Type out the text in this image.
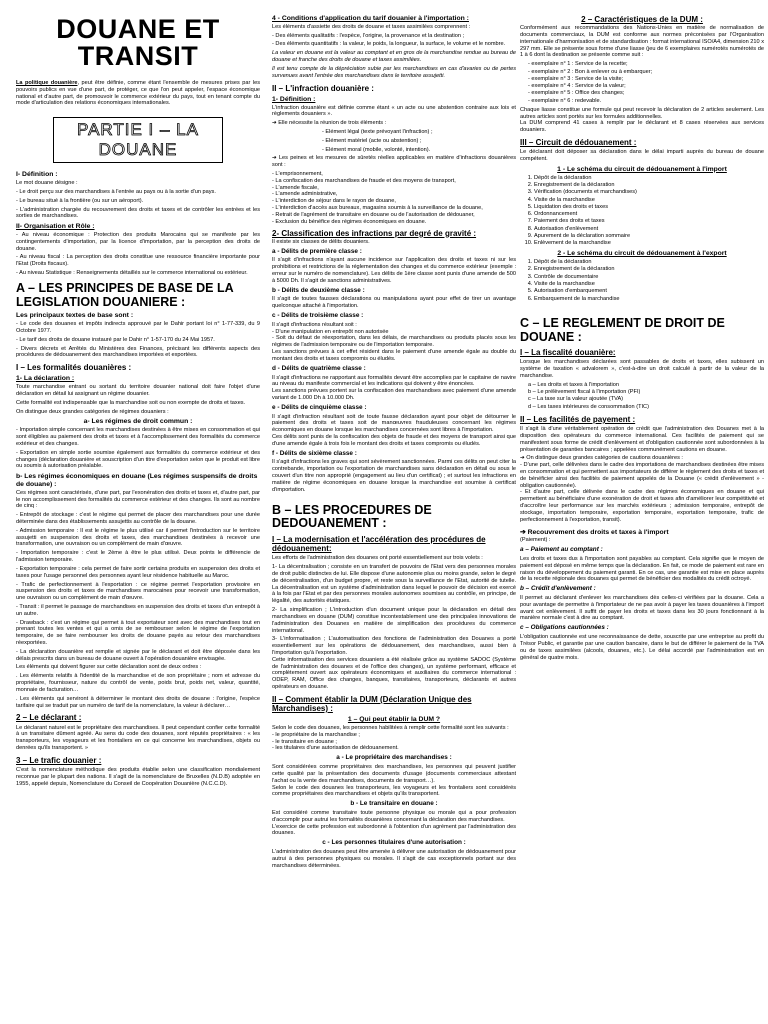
DOUANE ET
TRANSIT

La politique douanière, peut être définie, comme étant l'ensemble de mesures prises par les pouvoirs publics en vue d'une part, de protéger, ce que l'on peut appeler, l'espace économique national et d'autre part, de promouvoir le commerce extérieur du pays, tout en tenant compte du mode d'articulation des relations économiques internationales.

PARTIE I – LA DOUANE
I- Définition :

Le mot douane désigne :

- Le droit perçu sur des marchandises à l'entrée au pays ou à la sortie d'un pays.

- Le bureau situé à la frontière (ou sur un aéroport).

- L'administration chargée du recouvrement des droits et taxes et de contrôler les entrées et les sorties de marchandises.

II- Organisation et Rôle :

- Au niveau économique : Protection des produits Marocains qui se manifeste par les contingentements d'importation, par la licence d'importation, par la perception des droits de douane.

- Au niveau fiscal : La perception des droits constitue une ressource financière importante pour l'Etat (Droits fiscaux).

- Au niveau Statistique : Renseignements détaillés sur le commerce international ou extérieur.

A – LES PRINCIPES DE BASE DE LA LEGISLATION DOUANIERE :
Les principaux textes de base sont :

- Le code des douanes et impôts indirects approuvé par le Dahir portant loi n° 1-77-339, du 9 Octobre 1977.

- Le tarif des droits de douane instauré par le Dahir n° 1-57-170 du 24 Mai 1957.

- Divers décrets et Arrêtés du Ministères des Finances, précisant les différents aspects des procédures de dédouanement des marchandises importées et exportées.

I – Les formalités douanières :
1- La déclaration :

Toute marchandise entrant ou sortant du territoire douanier national doit faire l'objet d'une déclaration en détail lui assignant un régime douanier.

Cette formalité est indispensable que la marchandise soit ou non exempte de droits et taxes.

On distingue deux grandes catégories de régimes douaniers :

a- Les régimes de droit commun :

- Importation simple concernant les marchandises destinées à être mises en consommation et qui sont éligibles au paiement des droits et taxes et à l'accomplissement des formalités du commerce extérieur et des changes.

- Exportation en simple sortie soumise également aux formalités du commerce extérieur et des changes (déclaration douanière et souscription d'un titre d'exportation selon que le produit est libre ou soumis à autorisation préalable.

b- Les régimes économiques en douane (Les régimes suspensifs de droits de douane) :

Ces régimes sont caractérisés, d'une part, par l'exonération des droits et taxes et, d'autre part, par le non accomplissement des formalités du commerce extérieur et des changes. Ils sont au nombre de cinq :

- Entrepôt de stockage : c'est le régime qui permet de placer des marchandises pour une durée déterminée dans des établissements assujettis au contrôle de la douane.

- Admission temporaire : Il est le régime le plus utilisé car il permet l'introduction sur le territoire assujetti en suspension des droits et taxes, des marchandises destinées à recevoir une transformation, une ouvraison ou un complément de main d'œuvre.

- Importation temporaire : c'est le 2ème à être le plus utilisé. Deux points le différencie de l'admission temporaire.

- Exportation temporaire : cela permet de faire sortir certains produits en suspension des droits et taxes pour l'usage personnel des personnes ayant leur résidence habituelle au Maroc.

- Trafic de perfectionnement à l'exportation : ce régime permet l'exportation provisoire en suspension des droits et taxes de marchandises marocaines pour recevoir une transformation, une ouvraison ou un complément de main d'œuvre.

- Transit : il permet le passage de marchandises en suspension des droits et taxes d'un entrepôt à un autre.

- Drawback : c'est un régime qui permet à tout exportateur sont avec des marchandises tout en prenant toutes les ventes et qui a omis de se rembourser selon le régime de l'exportation temporaire, de se faire rembourser les droits de douane payés au retour des marchandises réexportées.

- La déclaration douanière est remplie et signée par le déclarant et doit être déposée dans les délais prescrits dans un bureau de douane ouvert à l'opération douanière envisagée.

Les éléments qui doivent figurer sur cette déclaration sont de deux ordres :

. Les éléments relatifs à l'identité de la marchandise et de son propriétaire ; nom et adresse du propriétaire, fournisseur, nature du contrôl de vente, poids brut, poids net, valeur, quantité, monnaie de facturation…

. Les éléments qui serviront à déterminer le montant des droits de douane : l'origine, l'espèce tarifaire qui se traduit par un numéro de tarif de la nomenclature, la valeur à déclarer…

2 – Le déclarant :

Le déclarant naturel est le propriétaire des marchandises. Il peut cependant confier cette formalité à un transitaire dûment agréé. Au sens du code des douanes, sont réputés propriétaires : « les transporteurs, les voyageurs et les frontaliers en ce qui concerne les marchandises, objets ou denrées qu'ils transportent. »

3 – Le trafic douanier :

C'est la nomenclature méthodique des produits établie selon une classification mondialement reconnue par le plupart des nations. Il s'agit de la nomenclature de Bruxelles (N.D.B) adoptée en 1955, appelé depuis, Nomenclature du Conseil de Coopération Douanière (N.C.C.D).

4 - Conditions d'application du tarif douanier à l'importation :

Les éléments d'assiette des droits de douane et taxes assimilées comprennent :

- Des éléments qualitatifs : l'espèce, l'origine, la provenance et la destination ;

- Des éléments quantitatifs : la valeur, le poids, la longueur, la surface, le volume et le nombre.

La valeur en douane est la valeur au comptant et en gros de la marchandise rendue au bureau de douane et franche des droits de douane et taxes assimilées.

Il est tenu compte de la dépréciation subie par les marchandises en cas d'avaries ou de pertes survenues avant l'entrée des marchandises dans le territoire assujetti.

II – L'infraction douanière :
1- Définition :

L'infraction douanière est définie comme étant « un acte ou une abstention contraire aux lois et règlements douaniers ».

➔ Elle nécessite la réunion de trois éléments :

- Elément légal (texte prévoyant l'infraction) ;

- Elément matériel (acte ou abstention) ;

- Elément moral (mobile, volonté, intention).

➔ Les peines et les mesures de sûretés réelles applicables en matière d'infractions douanières sont :

- L'emprisonnement,
- La confiscation des marchandises de fraude et des moyens de transport,
- L'amende fiscale,
- L'amende administrative,
- L'interdiction de séjour dans le rayon de douane,
- L'interdiction d'accès aux bureaux, magasins soumis à la surveillance de la douane,
- Retrait de l'agrément de transitaire en douane ou de l'autorisation de dédouaner,
- Exclusion du bénéfice des régimes économiques en douane.

2- Classification des infractions par degré de gravité :

Il existe six classes de délits douaniers.

a - Délits de première classe :

Il s'agit d'infractions n'ayant aucune incidence sur l'application des droits et taxes ni sur les prohibitions et restrictions de la réglementation des changes et du commerce extérieur (exemple : erreur sur le numéro de nomenclature). Les délits de 1ère classe sont punis d'une amende de 500 à 5000 Dh. Il s'agit de sanctions administratives.

b - Délits de deuxième classe :

Il s'agit de toutes fausses déclarations ou manipulations ayant pour effet de tirer un avantage quelconque attaché à l'importation.

c - Délits de troisième classe :

Il s'agit d'infractions résultant soit :
- D'une manipulation en entrepôt non autorisée
- Soit du défaut de réexportation, dans les délais, de marchandises ou produits placés sous les régimes de l'admission temporaire ou de l'importation temporaire.
Les sanctions prévues à cet effet résident dans le paiement d'une amende égale au double du montant des droits et taxes compromis ou éludés.

d - Délits de quatrième classe :

Il s'agit d'infractions ne rapportant aux formalités devant être accomplies par le capitaine de navire au niveau du manifeste commercial et les indications qui doivent y être énoncées.
Les sanctions prévues portent sur la confiscation des marchandises avec paiement d'une amende variant de 1.000 Dh à 10.000 Dh.

e - Délits de cinquième classe :

Il s'agit d'infraction résultant soit de toute fausse déclaration ayant pour objet de détourner le paiement des droits et taxes soit de manœuvres frauduleuses concernant les régimes économiques en douane lorsque les marchandises concernées sont libres à l'importation.
Ces délits sont punis de la confiscation des objets de fraude et des moyens de transport ainsi que d'une amende égale à trois fois le montant des droits et taxes compromis ou éludés.

f - Délits de sixième classe :

Il s'agit d'infractions les graves qui sont sévèrement sanctionnées. Parmi ces délits on peut citer la contrebande, importation ou l'exportation de marchandises sans déclaration en détail ou sous le couvert d'un titre non approprié (engagement au lieu d'un certificat) ; et surtout les infractions en matière de régime économiques en douane lorsque la marchandise est soumise à certificat d'importation.

B – LES PROCEDURES DE DEDOUANEMENT :
I – La modernisation et l'accélération des procédures de dédouanement:

Les efforts de l'administration des douanes ont porté essentiellement sur trois volets :

1- La décentralisation ; consiste en un transfert de pouvoirs de l'Etat vers des personnes morales de droit public distinctes de lui. Elle dispose d'une autonomie plus ou moins grande, selon le degré de décentralisation, d'un budget propre, et reste sous la surveillance de l'Etat, autorité de tutelle. La décentralisation est un système d'administration dans lequel le pouvoir de décision est exercé à la fois par l'Etat et par des personnes morales autonomes soumises au contrôle, en principe, de légalité, des autorités étatiques.

2- La simplification ; L'introduction d'un document unique pour la déclaration en détail des marchandises en douane (DUM) constitue incontestablement une des principales innovations de l'administration des Douanes en matière de simplification des procédures du commerce international.

3- L'informatisation ; L'automatisation des fonctions de l'administration des Douanes a porté essentiellement sur les opérations de dédouanement, des marchandises, aussi bien à l'importation qu'à l'exportation.
Cette informatisation des services douaniers a été réalisée grâce au système SADOC (Système de l'administration des douanes et de l'office des changes), un système performant, efficace et complètement ouvert aux opérateurs économiques et auxiliaires du commerce international : ODEP, RAM, Office des changes, banques, transitaires, transporteurs, déclarants et autres opérateurs en douane.

II – Comment établir la DUM (Déclaration Unique des Marchandises) :
1 – Qui peut établir la DUM ?

Selon le code des douanes, les personnes habilitées à remplir cette formalité sont les suivants :
- le propriétaire de la marchandise ;
- le transitaire en douane ;
- les titulaires d'une autorisation de dédouanement.

a - Le propriétaire des marchandises :

Sont considérées comme propriétaires des marchandises, les personnes qui peuvent justifier cette qualité par la présentation des documents d'usage (documents commerciaux attestant l'achat ou la vente des marchandises, documents de transport…).
Selon le code des douanes les transporteurs, les voyageurs et les frontaliers sont considérés comme propriétaires des marchandises et objets qu'ils transportent.

b - Le transitaire en douane :

Est considéré comme transitaire toute personne physique ou morale qui a pour profession d'accomplir pour autrui les formalités douanières concernant la déclaration des marchandises.
L'exercice de cette profession est subordonné à l'obtention d'un agrément par l'administration des douanes.

c - Les personnes titulaires d'une autorisation :

L'administration des douanes peut être amenée à délivrer une autorisation de dédouanement pour autrui à des personnes physiques ou morales. Il s'agit de cas exceptionnels portant sur des marchandises déterminées.

2 – Caractéristiques de la DUM :

Conformément aux recommandations des Nations-Unies en matière de normalisation de documents commerciaux, la DUM est conforme aux normes préconisées par l'Organisation internationale d'harmonisation et de standardisation : format international ISO/A4, dimension 210 x 297 mm. Elle se présente sous forme d'une liasse (jeu de 6 exemplaires numérotés numérotés de 1 à 6 dont la destination se présente comme suit :

- exemplaire n° 1 : Service de la recette;
- exemplaire n° 2 : Bon à enlever ou à embarquer;
- exemplaire n° 3 : Service de la visite;
- exemplaire n° 4 : Service de la valeur;
- exemplaire n° 5 : Office des changes;
- exemplaire n° 6 : redevable.

Chaque liasse constitue une formule qui peut recevoir la déclaration de 2 articles seulement. Les autres articles sont portés sur les formules additionnelles.
La DUM comprend 41 cases à remplir par le déclarant et 8 cases réservées aux services douaniers.

III – Circuit de dédouanement :

Le déclarant doit déposer sa déclaration dans le délai imparti auprès du bureau de douane compétent.

1 - Le schéma du circuit de dédouanement à l'import
1. Dépôt de la déclaration
2. Enregistrement de la déclaration
3. Vérification (documents et marchandises)
4. Visite de la marchandise
5. Liquidation des droits et taxes
6. Ordonnancement
7. Paiement des droits et taxes
8. Autorisation d'enlèvement
9. Apurement de la déclaration sommaire
10. Enlèvement de la marchandise
2 - Le schéma du circuit de dédouanement à l'export
1. Dépôt de la déclaration
2. Enregistrement de la déclaration
3. Contrôle de documentaire
4. Visite de la marchandise
5. Autorisation d'embarquement
6. Embarquement de la marchandise
C – LE REGLEMENT DE DROIT DE DOUANE :
I – La fiscalité douanière:

Lorsque les marchandises déclarées sont passables de droits et taxes, elles subissent un système de taxation « advalorem », c'est-à-dire un droit calculé à partir de la valeur de la marchandise.

a – Les droits et taxes à l'importation
b – Le prélèvement fiscal à l'importation (PFI)
c – La taxe sur la valeur ajoutée (TVA)
d – Les taxes intérieures de consommation (TIC)
II – Les facilités de payement :

Il s'agit là d'une véritablement opération de crédit que l'administration des Douanes met à la disposition des opérateurs du commerce international. Ces facilités de paiement qui se manifestent sous forme de crédit d'enlèvement et d'obligation cautionnée sont subordonnées à la présentation de garanties bancaires ; appelées communément cautions en douane.

➔ On distingue deux grandes catégories de cautions douanières :
- D'une part, celle délivrées dans le cadre des importations de marchandises destinées être mises en consommation et qui permettent aux importateurs de différer le règlement des droits et taxes et de bénéficier ainsi des facilités de paiement appelés de la Douane (« crédit d'enlèvement » - obligation cautionnée).
- Et d'autre part, celle délivrée dans le cadre des régimes économiques en douane et qui permettent au bénéficiaire d'une exonération de droit et taxes afin d'améliorer leur compétitivité et d'accroître leur performance sur les marchés extérieurs ; admission temporaire, entrepôt de stockage, importation temporaire, exportation temporaire, exportation temporaire, trafic de perfectionnement à l'exportation, transit).

➔ Recouvrement des droits et taxes à l'import

(Paiement) :

a – Paiement au comptant :

Les droits et taxes dus à l'importation sont payables au comptant. Cela signifie que le moyen de paiement est déposé en même temps que la déclaration. En fait, ce mode de paiement est rare en raison du développement du paiement garanti. En ce cas, une garantie est mise en place auprès de la recette régionale des douanes qui permet de bénéficier des modalités du crédit octroyé.

b – Crédit d'enlèvement :

Il permet au déclarant d'enlever les marchandises dès celles-ci vérifiées par la douane. Cela a pour avantage de permettre à l'importateur de ne pas avoir à payer les taxes douanières à l'import avant cet enlèvement. Il suffit de payer les droits et taxes dans les 30 jours fonctionnant à la manière normale c'est à dire au comptant.

c – Obligations cautionnées :

L'obligation cautionnée est une reconnaissance de dette, souscrite par une entreprise au profit du Trésor Public, et garantie par une caution bancaire, dans le but de différer le paiement de la TVA ou de taxes assimilées (alcools, douanes, etc.). Le délai accordé par l'administration est en général de quatre mois.
